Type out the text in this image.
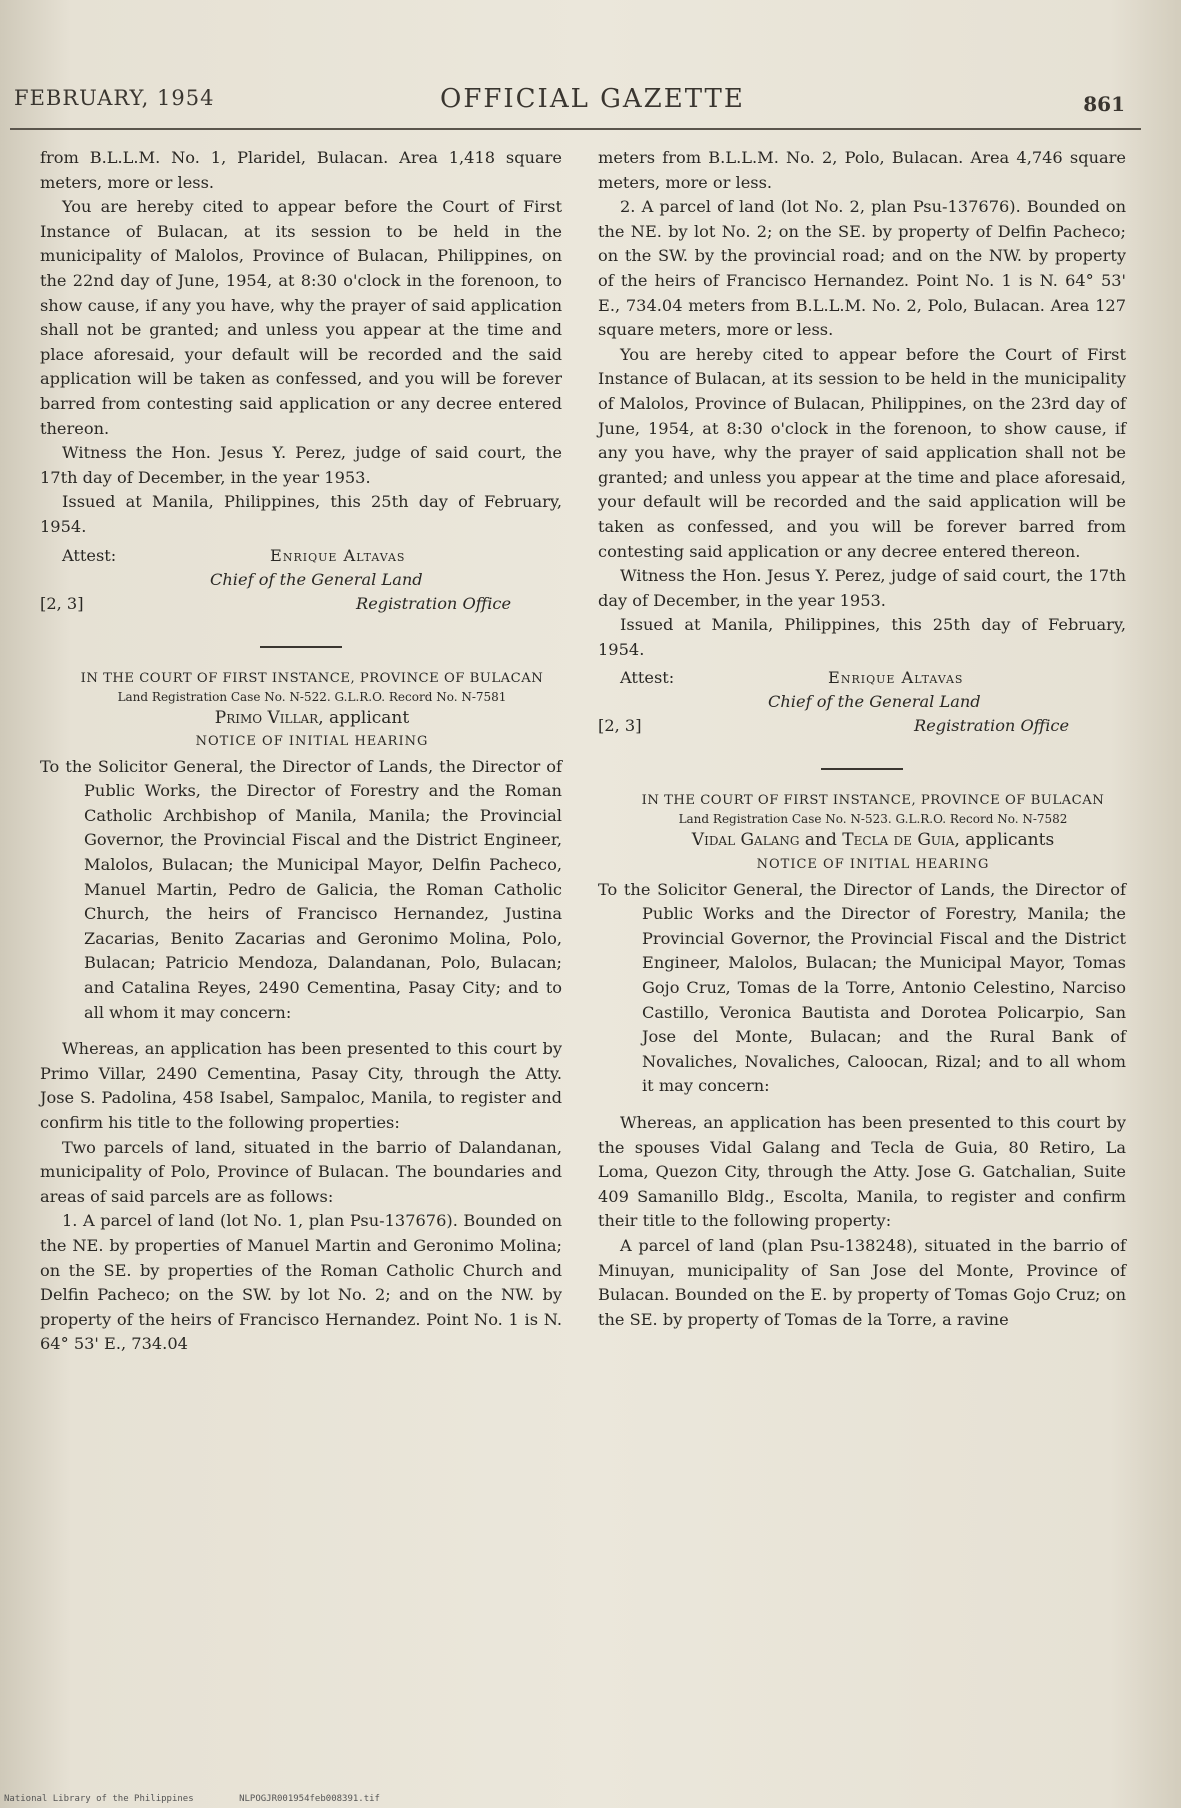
FEBRUARY, 1954	OFFICIAL GAZETTE	861

from B.L.L.M. No. 1, Plaridel, Bulacan. Area 1,418 square meters, more or less.

You are hereby cited to appear before the Court of First Instance of Bulacan, at its session to be held in the municipality of Malolos, Province of Bulacan, Philippines, on the 22nd day of June, 1954, at 8:30 o'clock in the forenoon, to show cause, if any you have, why the prayer of said application shall not be granted; and unless you appear at the time and place aforesaid, your default will be recorded and the said application will be taken as confessed, and you will be forever barred from contesting said application or any decree entered thereon.

Witness the Hon. Jesus Y. Perez, judge of said court, the 17th day of December, in the year 1953.

Issued at Manila, Philippines, this 25th day of February, 1954.

Attest:	Enrique Altavas
Chief of the General Land
[2, 3]	Registration Office

IN THE COURT OF FIRST INSTANCE, PROVINCE OF BULACAN

Land Registration Case No. N-522. G.L.R.O. Record No. N-7581

Primo Villar, applicant

NOTICE OF INITIAL HEARING

To the Solicitor General, the Director of Lands, the Director of Public Works, the Director of Forestry and the Roman Catholic Archbishop of Manila, Manila; the Provincial Governor, the Provincial Fiscal and the District Engineer, Malolos, Bulacan; the Municipal Mayor, Delfin Pacheco, Manuel Martin, Pedro de Galicia, the Roman Catholic Church, the heirs of Francisco Hernandez, Justina Zacarias, Benito Zacarias and Geronimo Molina, Polo, Bulacan; Patricio Mendoza, Dalandanan, Polo, Bulacan; and Catalina Reyes, 2490 Cementina, Pasay City; and to all whom it may concern:

Whereas, an application has been presented to this court by Primo Villar, 2490 Cementina, Pasay City, through the Atty. Jose S. Padolina, 458 Isabel, Sampaloc, Manila, to register and confirm his title to the following properties:

Two parcels of land, situated in the barrio of Dalandanan, municipality of Polo, Province of Bulacan. The boundaries and areas of said parcels are as follows:

1. A parcel of land (lot No. 1, plan Psu-137676). Bounded on the NE. by properties of Manuel Martin and Geronimo Molina; on the SE. by properties of the Roman Catholic Church and Delfin Pacheco; on the SW. by lot No. 2; and on the NW. by property of the heirs of Francisco Hernandez. Point No. 1 is N. 64° 53' E., 734.04

meters from B.L.L.M. No. 2, Polo, Bulacan. Area 4,746 square meters, more or less.

2. A parcel of land (lot No. 2, plan Psu-137676). Bounded on the NE. by lot No. 2; on the SE. by property of Delfin Pacheco; on the SW. by the provincial road; and on the NW. by property of the heirs of Francisco Hernandez. Point No. 1 is N. 64° 53' E., 734.04 meters from B.L.L.M. No. 2, Polo, Bulacan. Area 127 square meters, more or less.

You are hereby cited to appear before the Court of First Instance of Bulacan, at its session to be held in the municipality of Malolos, Province of Bulacan, Philippines, on the 23rd day of June, 1954, at 8:30 o'clock in the forenoon, to show cause, if any you have, why the prayer of said application shall not be granted; and unless you appear at the time and place aforesaid, your default will be recorded and the said application will be taken as confessed, and you will be forever barred from contesting said application or any decree entered thereon.

Witness the Hon. Jesus Y. Perez, judge of said court, the 17th day of December, in the year 1953.

Issued at Manila, Philippines, this 25th day of February, 1954.

Attest:	Enrique Altavas
Chief of the General Land
[2, 3]	Registration Office

IN THE COURT OF FIRST INSTANCE, PROVINCE OF BULACAN

Land Registration Case No. N-523. G.L.R.O. Record No. N-7582

Vidal Galang and Tecla de Guia, applicants

NOTICE OF INITIAL HEARING

To the Solicitor General, the Director of Lands, the Director of Public Works and the Director of Forestry, Manila; the Provincial Governor, the Provincial Fiscal and the District Engineer, Malolos, Bulacan; the Municipal Mayor, Tomas Gojo Cruz, Tomas de la Torre, Antonio Celestino, Narciso Castillo, Veronica Bautista and Dorotea Policarpio, San Jose del Monte, Bulacan; and the Rural Bank of Novaliches, Novaliches, Caloocan, Rizal; and to all whom it may concern:

Whereas, an application has been presented to this court by the spouses Vidal Galang and Tecla de Guia, 80 Retiro, La Loma, Quezon City, through the Atty. Jose G. Gatchalian, Suite 409 Samanillo Bldg., Escolta, Manila, to register and confirm their title to the following property:

A parcel of land (plan Psu-138248), situated in the barrio of Minuyan, municipality of San Jose del Monte, Province of Bulacan. Bounded on the E. by property of Tomas Gojo Cruz; on the SE. by property of Tomas de la Torre, a ravine

National Library of the Philippines	NLPOGJR001954feb008391.tif
